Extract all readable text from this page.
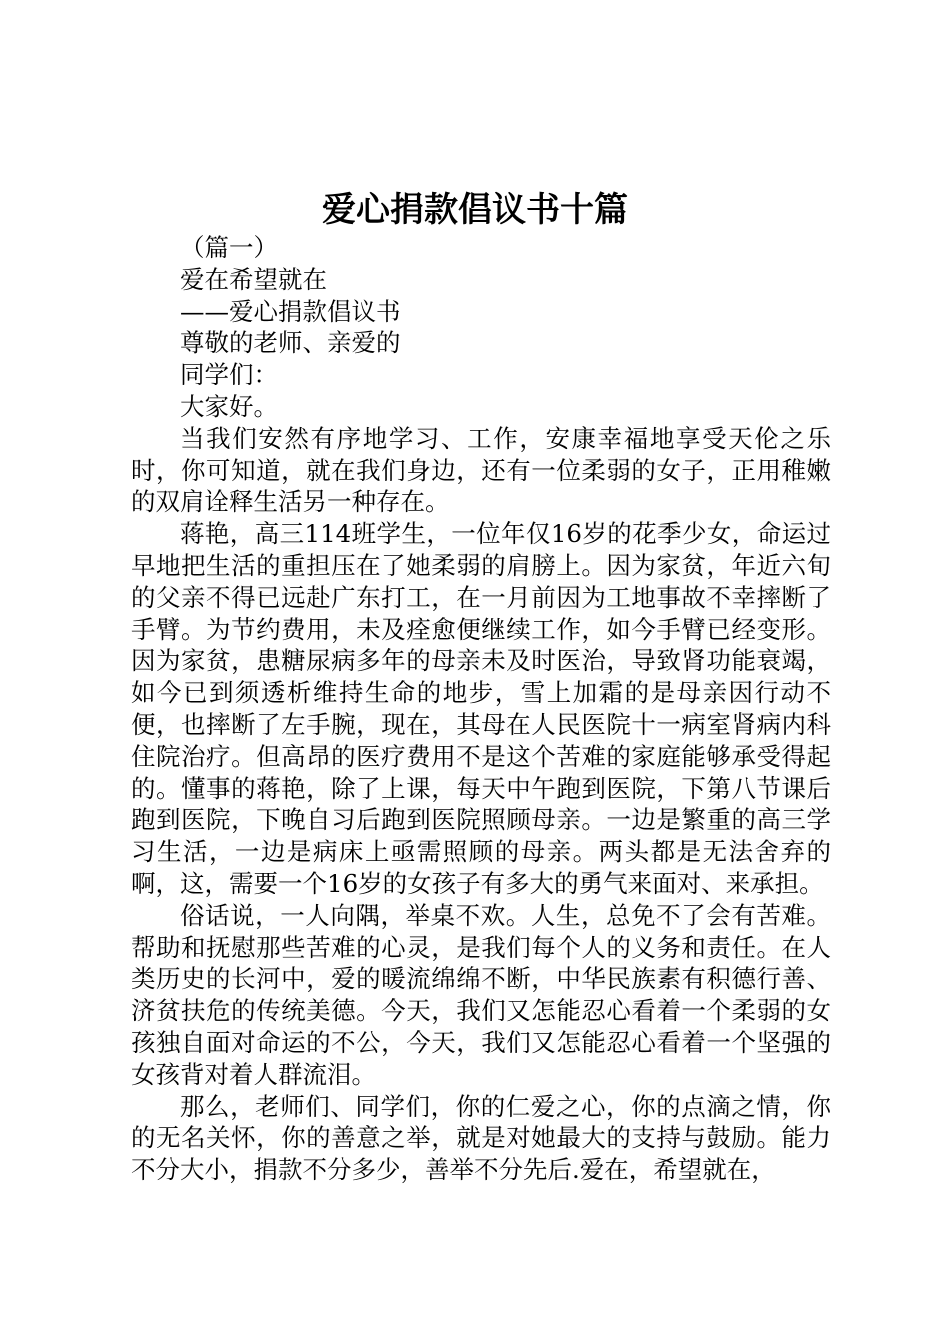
爱心捐款倡议书十篇

（篇一）

爱在希望就在

——爱心捐款倡议书

尊敬的老师、亲爱的

同学们：

大家好。

当我们安然有序地学习、工作，安康幸福地享受天伦之乐时，你可知道，就在我们身边，还有一位柔弱的女子，正用稚嫩的双肩诠释生活另一种存在。

蒋艳，高三114班学生，一位年仅16岁的花季少女，命运过早地把生活的重担压在了她柔弱的肩膀上。因为家贫，年近六旬的父亲不得已远赴广东打工，在一月前因为工地事故不幸摔断了手臂。为节约费用，未及痊愈便继续工作，如今手臂已经变形。因为家贫，患糖尿病多年的母亲未及时医治，导致肾功能衰竭，如今已到须透析维持生命的地步，雪上加霜的是母亲因行动不便，也摔断了左手腕，现在，其母在人民医院十一病室肾病内科住院治疗。但高昂的医疗费用不是这个苦难的家庭能够承受得起的。懂事的蒋艳，除了上课，每天中午跑到医院，下第八节课后跑到医院，下晚自习后跑到医院照顾母亲。一边是繁重的高三学习生活，一边是病床上亟需照顾的母亲。两头都是无法舍弃的啊，这，需要一个16岁的女孩子有多大的勇气来面对、来承担。

俗话说，一人向隅，举桌不欢。人生，总免不了会有苦难。帮助和抚慰那些苦难的心灵，是我们每个人的义务和责任。在人类历史的长河中，爱的暖流绵绵不断，中华民族素有积德行善、济贫扶危的传统美德。今天，我们又怎能忍心看着一个柔弱的女孩独自面对命运的不公，今天，我们又怎能忍心看着一个坚强的女孩背对着人群流泪。

那么，老师们、同学们，你的仁爱之心，你的点滴之情，你的无名关怀，你的善意之举，就是对她最大的支持与鼓励。能力不分大小，捐款不分多少，善举不分先后.爱在，希望就在，
